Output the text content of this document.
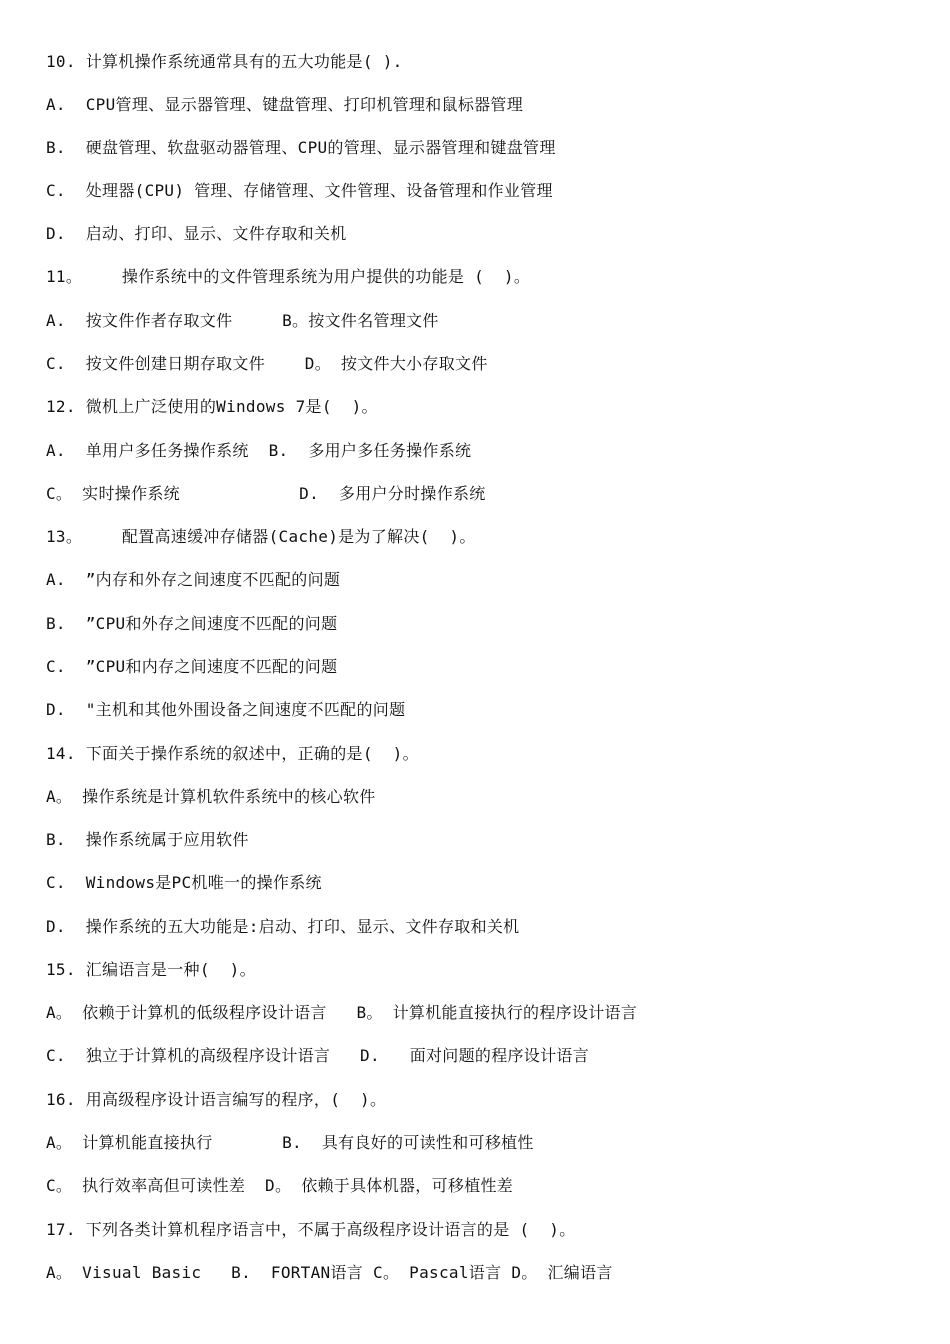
10. 计算机操作系统通常具有的五大功能是( ).
A.  CPU管理、显示器管理、键盘管理、打印机管理和鼠标器管理
B.  硬盘管理、软盘驱动器管理、CPU的管理、显示器管理和键盘管理
C.  处理器(CPU) 管理、存储管理、文件管理、设备管理和作业管理
D.  启动、打印、显示、文件存取和关机
11。    操作系统中的文件管理系统为用户提供的功能是 (  )。
A.  按文件作者存取文件     B。按文件名管理文件
C.  按文件创建日期存取文件    D。 按文件大小存取文件
12. 微机上广泛使用的Windows 7是(  )。
A.  单用户多任务操作系统  B.  多用户多任务操作系统
C。 实时操作系统            D.  多用户分时操作系统
13。    配置高速缓冲存储器(Cache)是为了解决(  )。
A.  ”内存和外存之间速度不匹配的问题
B.  ”CPU和外存之间速度不匹配的问题
C.  ”CPU和内存之间速度不匹配的问题
D.  "主机和其他外围设备之间速度不匹配的问题
14. 下面关于操作系统的叙述中，正确的是(  )。
A。 操作系统是计算机软件系统中的核心软件
B.  操作系统属于应用软件
C.  Windows是PC机唯一的操作系统
D.  操作系统的五大功能是:启动、打印、显示、文件存取和关机
15. 汇编语言是一种(  )。
A。 依赖于计算机的低级程序设计语言   B。 计算机能直接执行的程序设计语言
C.  独立于计算机的高级程序设计语言   D.   面对问题的程序设计语言
16. 用高级程序设计语言编写的程序，(  )。
A。 计算机能直接执行       B.  具有良好的可读性和可移植性
C。 执行效率高但可读性差  D。 依赖于具体机器，可移植性差
17. 下列各类计算机程序语言中，不属于高级程序设计语言的是 (  )。
A。 Visual Basic   B.  FORTAN语言 C。 Pascal语言 D。 汇编语言
